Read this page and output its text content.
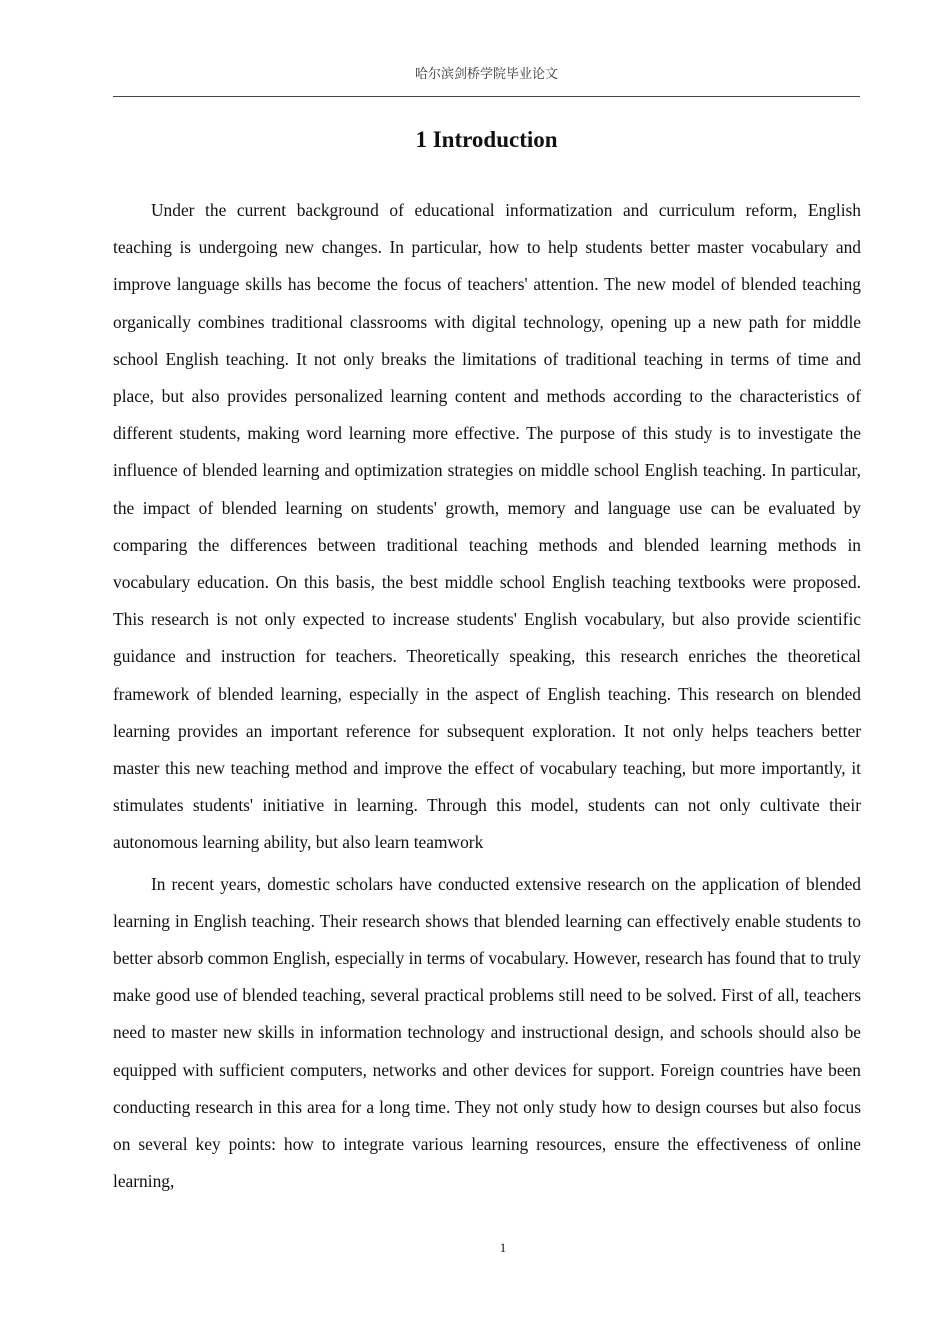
哈尔滨剑桥学院毕业论文
1 Introduction

Under the current background of educational informatization and curriculum reform, English teaching is undergoing new changes. In particular, how to help students better master vocabulary and improve language skills has become the focus of teachers' attention. The new model of blended teaching organically combines traditional classrooms with digital technology, opening up a new path for middle school English teaching. It not only breaks the limitations of traditional teaching in terms of time and place, but also provides personalized learning content and methods according to the characteristics of different students, making word learning more effective. The purpose of this study is to investigate the influence of blended learning and optimization strategies on middle school English teaching. In particular, the impact of blended learning on students' growth, memory and language use can be evaluated by comparing the differences between traditional teaching methods and blended learning methods in vocabulary education. On this basis, the best middle school English teaching textbooks were proposed. This research is not only expected to increase students' English vocabulary, but also provide scientific guidance and instruction for teachers. Theoretically speaking, this research enriches the theoretical framework of blended learning, especially in the aspect of English teaching. This research on blended learning provides an important reference for subsequent exploration. It not only helps teachers better master this new teaching method and improve the effect of vocabulary teaching, but more importantly, it stimulates students' initiative in learning. Through this model, students can not only cultivate their autonomous learning ability, but also learn teamwork

In recent years, domestic scholars have conducted extensive research on the application of blended learning in English teaching. Their research shows that blended learning can effectively enable students to better absorb common English, especially in terms of vocabulary. However, research has found that to truly make good use of blended teaching, several practical problems still need to be solved. First of all, teachers need to master new skills in information technology and instructional design, and schools should also be equipped with sufficient computers, networks and other devices for support. Foreign countries have been conducting research in this area for a long time. They not only study how to design courses but also focus on several key points: how to integrate various learning resources, ensure the effectiveness of online learning,

1
